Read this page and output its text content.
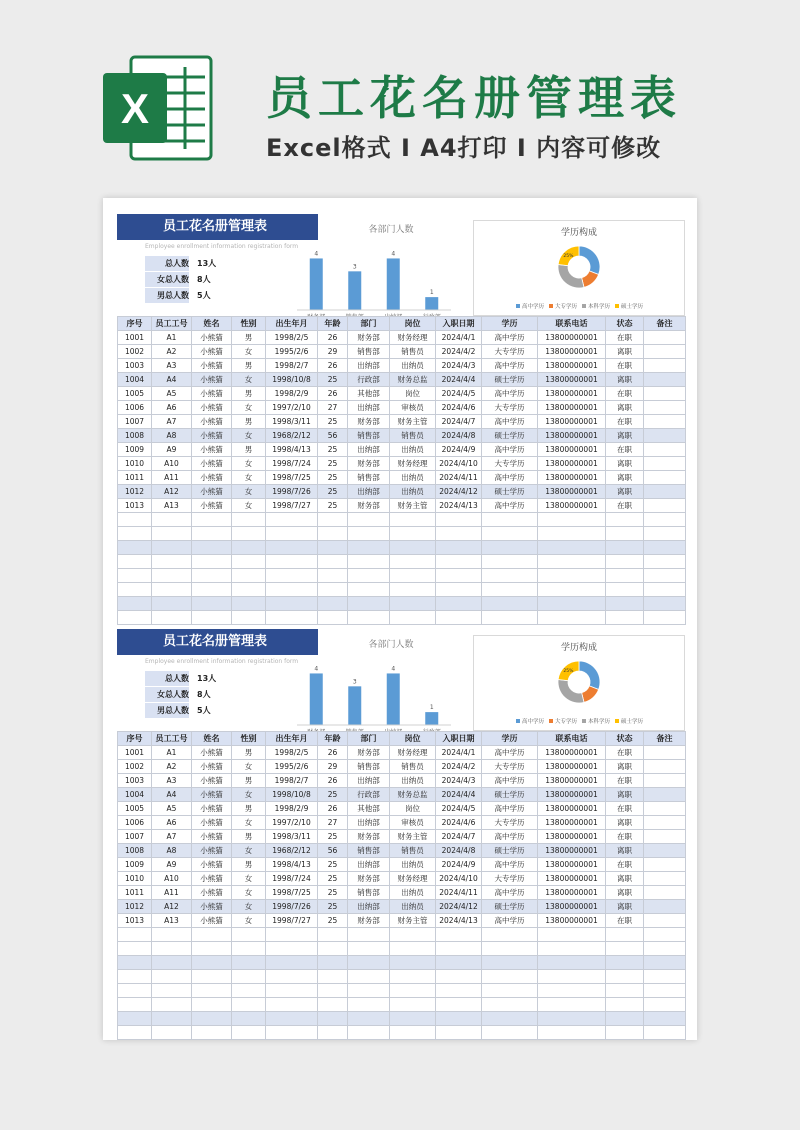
X	员工花名册管理表
Excel格式 I A4打印 I 内容可修改
员工花名册管理表
Employee enrollment information registration form
总人数 13人
女总人数 8人
男总人数 5人
各部门人数
4
3
4
1
学历构成
25%
高中学历 大专学历 本科学历 硕士学历
序号	员工工号	姓名	性别	出生年月	年龄	部门	岗位	入职日期	学历	联系电话	状态	备注
1001	A1	小熊猫	男	1998/2/5	26	财务部	财务经理	2024/4/1	高中学历	13800000001	在职	
1002	A2	小熊猫	女	1995/2/6	29	销售部	销售员	2024/4/2	大专学历	13800000001	离职	
1003	A3	小熊猫	男	1998/2/7	26	出纳部	出纳员	2024/4/3	高中学历	13800000001	在职	
1004	A4	小熊猫	女	1998/10/8	25	行政部	财务总监	2024/4/4	硕士学历	13800000001	离职	
1005	A5	小熊猫	男	1998/2/9	26	其他部	岗位	2024/4/5	高中学历	13800000001	在职	
1006	A6	小熊猫	女	1997/2/10	27	出纳部	审核员	2024/4/6	大专学历	13800000001	离职	
1007	A7	小熊猫	男	1998/3/11	25	财务部	财务主管	2024/4/7	高中学历	13800000001	在职	
1008	A8	小熊猫	女	1968/2/12	56	销售部	销售员	2024/4/8	硕士学历	13800000001	离职	
1009	A9	小熊猫	男	1998/4/13	25	出纳部	出纳员	2024/4/9	高中学历	13800000001	在职	
1010	A10	小熊猫	女	1998/7/24	25	财务部	财务经理	2024/4/10	大专学历	13800000001	离职	
1011	A11	小熊猫	女	1998/7/25	25	销售部	出纳员	2024/4/11	高中学历	13800000001	离职	
1012	A12	小熊猫	女	1998/7/26	25	出纳部	出纳员	2024/4/12	硕士学历	13800000001	离职	
1013	A13	小熊猫	女	1998/7/27	25	财务部	财务主管	2024/4/13	高中学历	13800000001	在职	

员工花名册管理表
Employee enrollment information registration form
总人数 13人
女总人数 8人
男总人数 5人
各部门人数
4
3
4
1
学历构成
25%
高中学历 大专学历 本科学历 硕士学历
序号	员工工号	姓名	性别	出生年月	年龄	部门	岗位	入职日期	学历	联系电话	状态	备注
1001	A1	小熊猫	男	1998/2/5	26	财务部	财务经理	2024/4/1	高中学历	13800000001	在职	
1002	A2	小熊猫	女	1995/2/6	29	销售部	销售员	2024/4/2	大专学历	13800000001	离职	
1003	A3	小熊猫	男	1998/2/7	26	出纳部	出纳员	2024/4/3	高中学历	13800000001	在职	
1004	A4	小熊猫	女	1998/10/8	25	行政部	财务总监	2024/4/4	硕士学历	13800000001	离职	
1005	A5	小熊猫	男	1998/2/9	26	其他部	岗位	2024/4/5	高中学历	13800000001	在职	
1006	A6	小熊猫	女	1997/2/10	27	出纳部	审核员	2024/4/6	大专学历	13800000001	离职	
1007	A7	小熊猫	男	1998/3/11	25	财务部	财务主管	2024/4/7	高中学历	13800000001	在职	
1008	A8	小熊猫	女	1968/2/12	56	销售部	销售员	2024/4/8	硕士学历	13800000001	离职	
1009	A9	小熊猫	男	1998/4/13	25	出纳部	出纳员	2024/4/9	高中学历	13800000001	在职	
1010	A10	小熊猫	女	1998/7/24	25	财务部	财务经理	2024/4/10	大专学历	13800000001	离职	
1011	A11	小熊猫	女	1998/7/25	25	销售部	出纳员	2024/4/11	高中学历	13800000001	离职	
1012	A12	小熊猫	女	1998/7/26	25	出纳部	出纳员	2024/4/12	硕士学历	13800000001	离职	
1013	A13	小熊猫	女	1998/7/27	25	财务部	财务主管	2024/4/13	高中学历	13800000001	在职	
